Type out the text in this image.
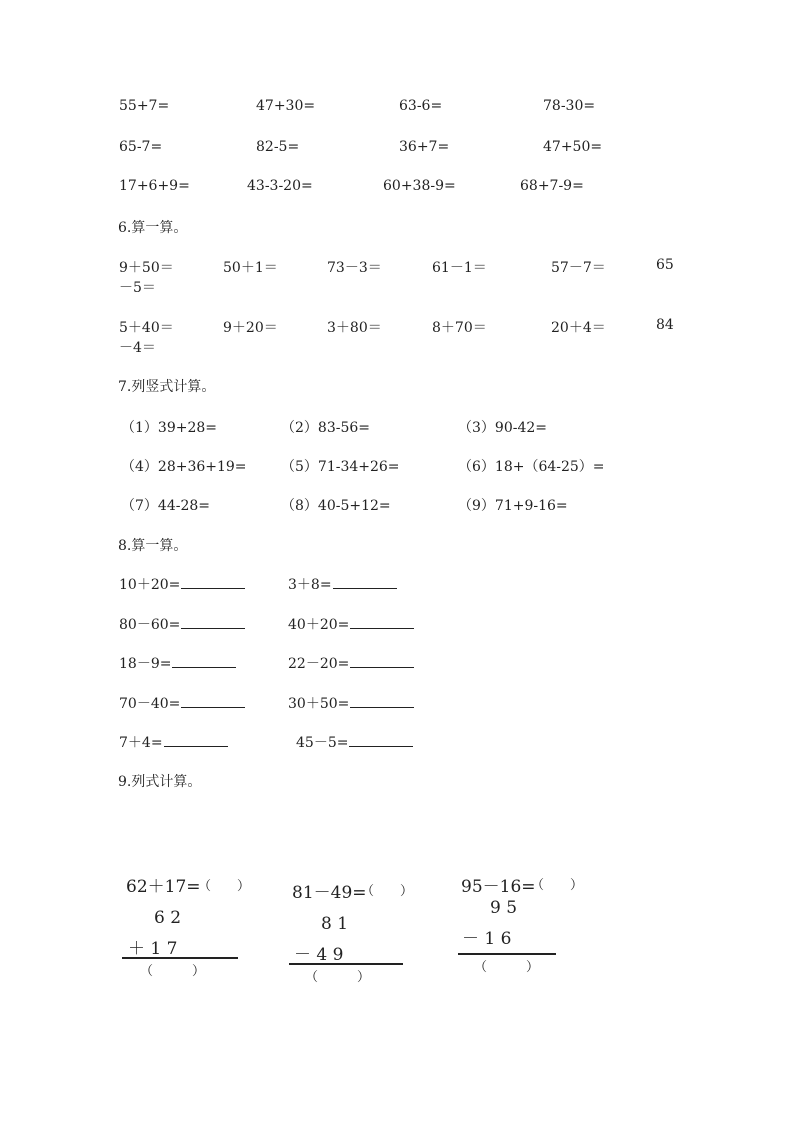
55+7=	47+30=	63-6=	78-30=
65-7=	82-5=	36+7=	47+50=
17+6+9=	43-3-20=	60+38-9=	68+7-9=
6.算一算。
9＋50＝	50＋1＝	73－3＝	61－1＝	57－7＝	65
－5＝
5＋40＝	9＋20＝	3＋80＝	8＋70＝	20＋4＝	84
－4＝
7.列竖式计算。
（1）39+28=	（2）83-56=	（3）90-42=
（4）28+36+19= （5）71-34+26=	（6）18+（64-25）=
（7）44-28=	（8）40-5+12=	（9）71+9-16=
8.算一算。
10＋20=	3＋8=
80－60=	40＋20=
18－9=	22－20=
70－40=	30＋50=
7＋4=	45－5=
9.列式计算。
62＋17=
（　　）
6 2
＋ 1 7
（　　　）
81－49=
（　　）
8 1
－ 4 9
（　　　）
95－16=
（　　）
9 5
－ 1 6
（　　　）
